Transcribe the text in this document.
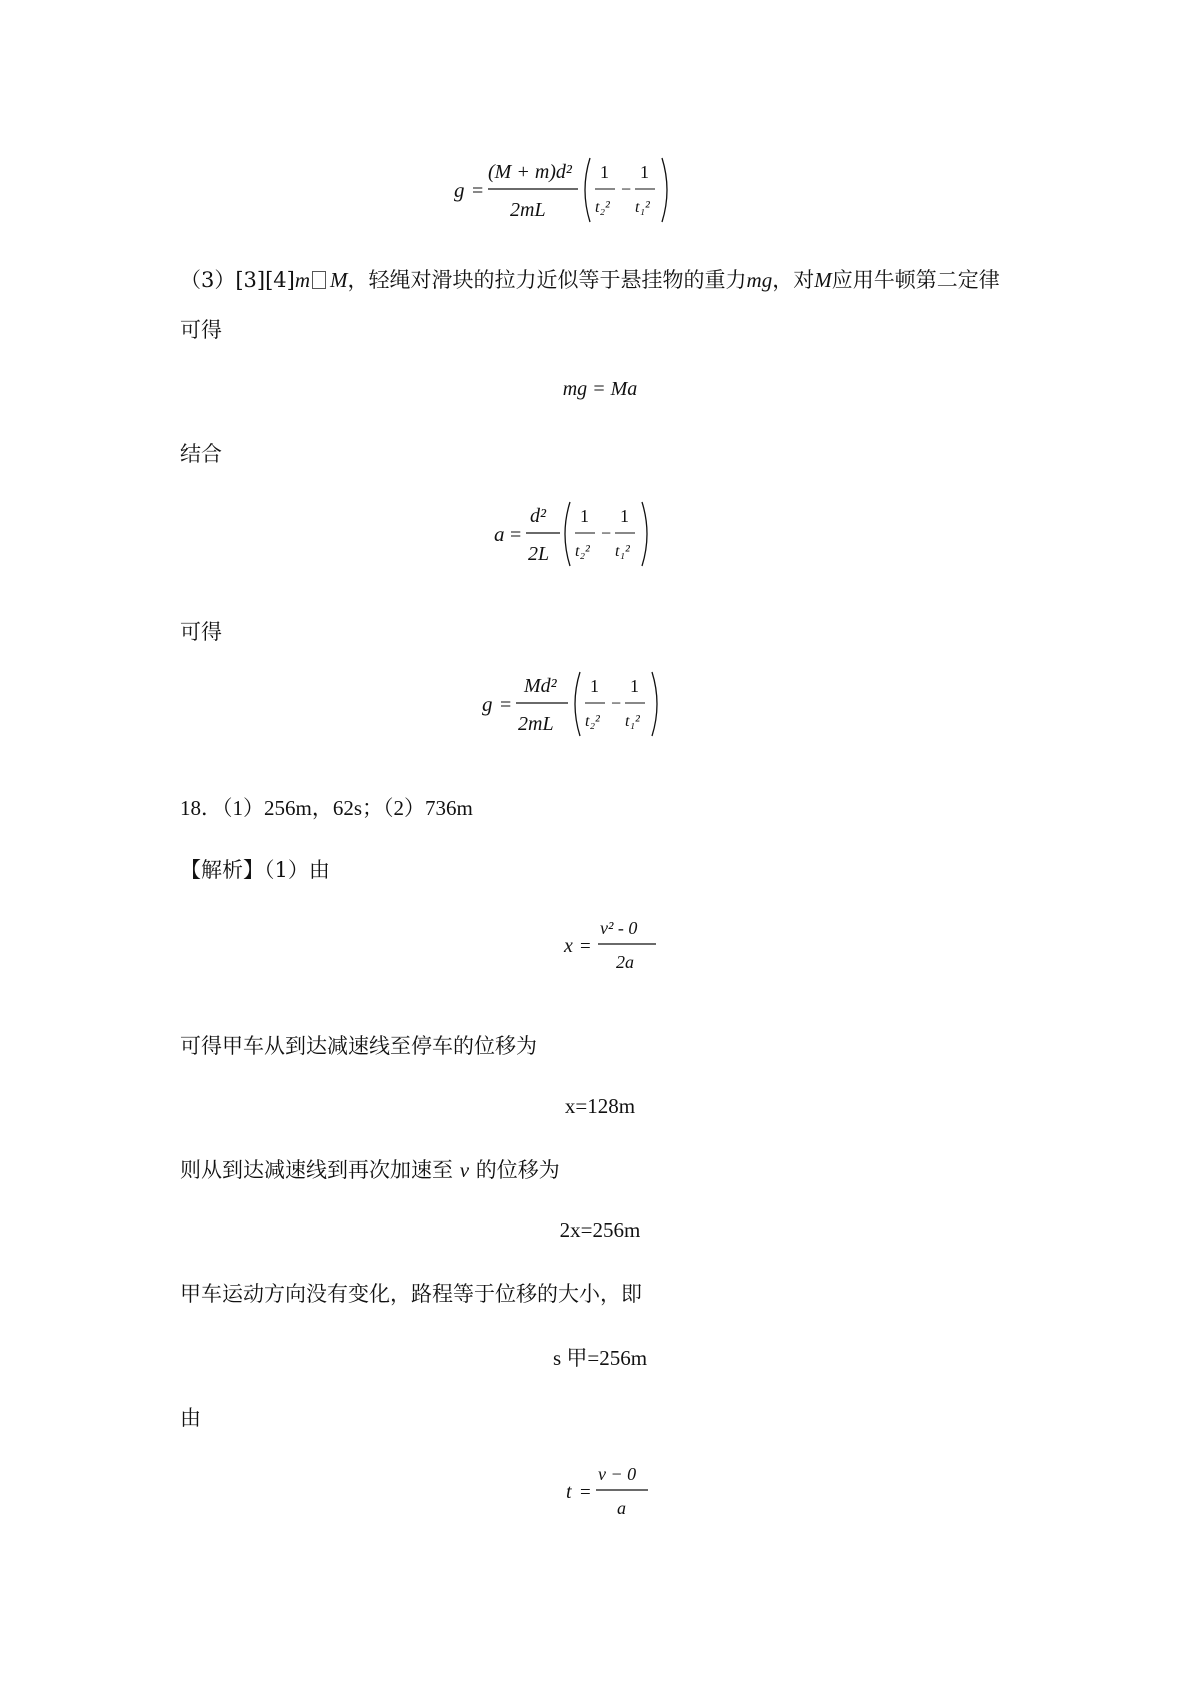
g =
(M + m)d²
2mL
1
t₂²
−
1
t₁²
（3）[3][4]m M，轻绳对滑块的拉力近似等于悬挂物的重力mg，对M应用牛顿第二定律
可得
mg = Ma
结合
a =
d²
2L
1
t₂²
−
1
t₁²
可得
g =
Md²
2mL
1
t₂²
−
1
t₁²
18．（1）256m，62s；（2）736m
【解析】（1）由
x =
v² - 0
2a
可得甲车从到达减速线至停车的位移为
x=128m
则从到达减速线到再次加速至 v 的位移为
2x=256m
甲车运动方向没有变化，路程等于位移的大小，即
s 甲=256m
由
t =
v − 0
a
